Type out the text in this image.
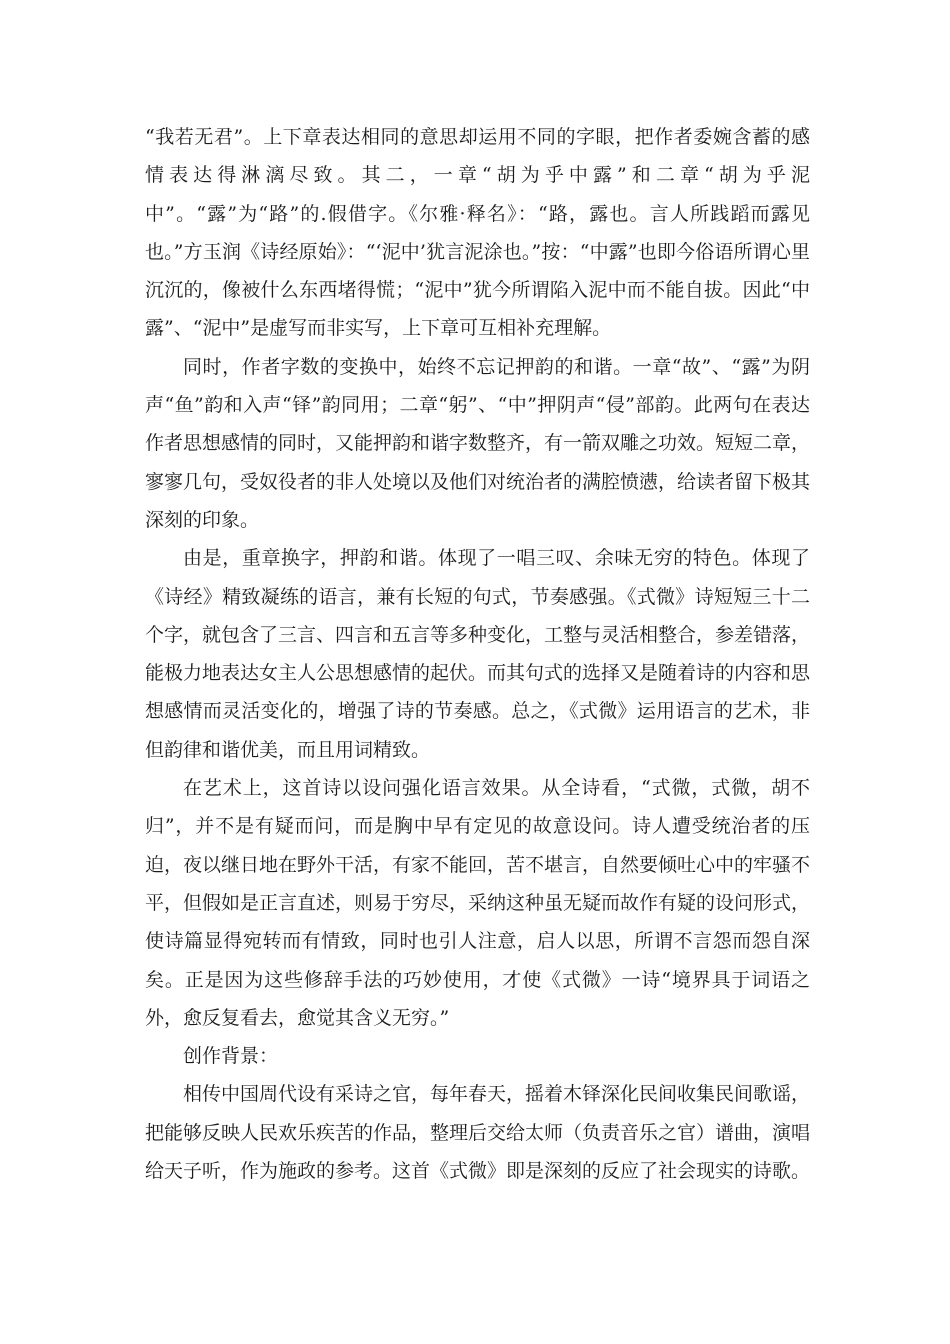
“我若无君”。上下章表达相同的意思却运用不同的字眼，把作者委婉含蓄的感情表达得淋漓尽致。其二，一章“胡为乎中露”和二章“胡为乎泥中”。“露”为“路”的.假借字。《尔雅·释名》：“路，露也。言人所践蹈而露见也。”方玉润《诗经原始》：“‘泥中’犹言泥涂也。”按：“中露”也即今俗语所谓心里沉沉的，像被什么东西堵得慌；“泥中”犹今所谓陷入泥中而不能自拔。因此“中露”、“泥中”是虚写而非实写，上下章可互相补充理解。

同时，作者字数的变换中，始终不忘记押韵的和谐。一章“故”、“露”为阴声“鱼”韵和入声“铎”韵同用；二章“躬”、“中”押阴声“侵”部韵。此两句在表达作者思想感情的同时，又能押韵和谐字数整齐，有一箭双雕之功效。短短二章，寥寥几句，受奴役者的非人处境以及他们对统治者的满腔愤懑，给读者留下极其深刻的印象。

由是，重章换字，押韵和谐。体现了一唱三叹、余味无穷的特色。体现了《诗经》精致凝练的语言，兼有长短的句式，节奏感强。《式微》诗短短三十二个字，就包含了三言、四言和五言等多种变化，工整与灵活相整合，参差错落，能极力地表达女主人公思想感情的起伏。而其句式的选择又是随着诗的内容和思想感情而灵活变化的，增强了诗的节奏感。总之，《式微》运用语言的艺术，非但韵律和谐优美，而且用词精致。

在艺术上，这首诗以设问强化语言效果。从全诗看，“式微，式微，胡不归”，并不是有疑而问，而是胸中早有定见的故意设问。诗人遭受统治者的压迫，夜以继日地在野外干活，有家不能回，苦不堪言，自然要倾吐心中的牢骚不平，但假如是正言直述，则易于穷尽，采纳这种虽无疑而故作有疑的设问形式，使诗篇显得宛转而有情致，同时也引人注意，启人以思，所谓不言怨而怨自深矣。正是因为这些修辞手法的巧妙使用，才使《式微》一诗“境界具于词语之外，愈反复看去，愈觉其含义无穷。”

创作背景：

相传中国周代设有采诗之官，每年春天，摇着木铎深化民间收集民间歌谣，把能够反映人民欢乐疾苦的作品，整理后交给太师（负责音乐之官）谱曲，演唱给天子听，作为施政的参考。这首《式微》即是深刻的反应了社会现实的诗歌。
